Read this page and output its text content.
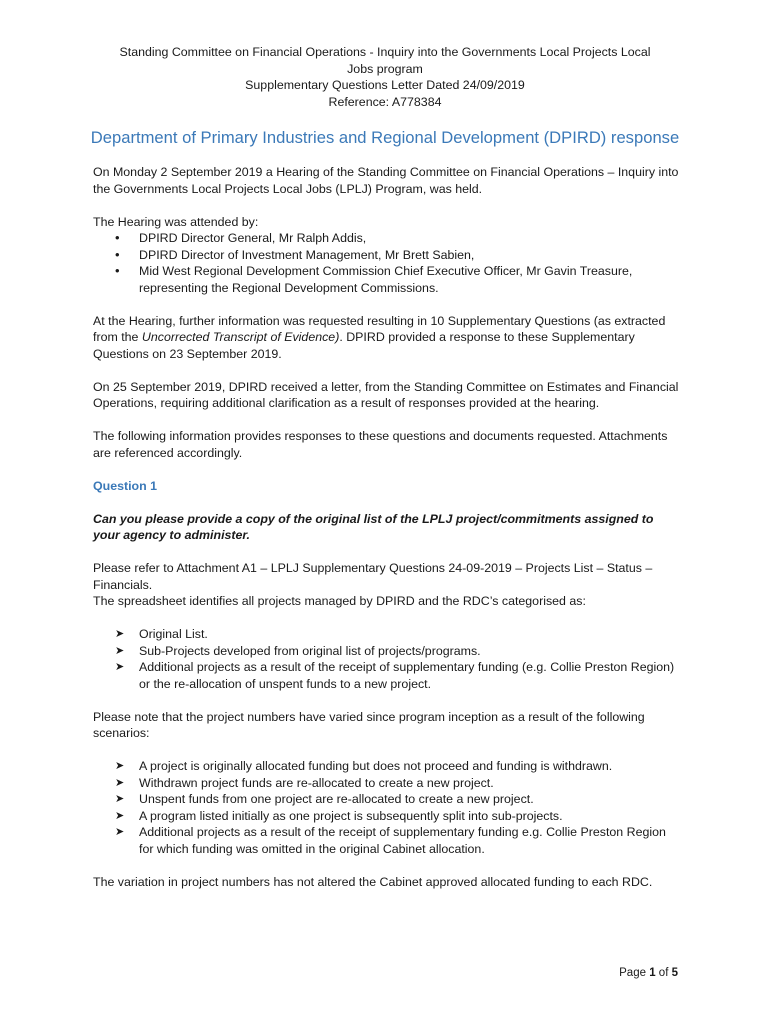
Standing Committee on Financial Operations - Inquiry into the Governments Local Projects Local
Jobs program
Supplementary Questions Letter Dated 24/09/2019
Reference: A778384
Department of Primary Industries and Regional Development (DPIRD) response

On Monday 2 September 2019 a Hearing of the Standing Committee on Financial Operations – Inquiry into the Governments Local Projects Local Jobs (LPLJ) Program, was held.

The Hearing was attended by:

•
DPIRD Director General, Mr Ralph Addis,
•
DPIRD Director of Investment Management, Mr Brett Sabien,
•
Mid West Regional Development Commission Chief Executive Officer, Mr Gavin Treasure, representing the Regional Development Commissions.

At the Hearing, further information was requested resulting in 10 Supplementary Questions (as extracted from the Uncorrected Transcript of Evidence). DPIRD provided a response to these Supplementary Questions on 23 September 2019.

On 25 September 2019, DPIRD received a letter, from the Standing Committee on Estimates and Financial Operations, requiring additional clarification as a result of responses provided at the hearing.

The following information provides responses to these questions and documents requested. Attachments are referenced accordingly.

Question 1

Can you please provide a copy of the original list of the LPLJ project/commitments assigned to your agency to administer.

Please refer to Attachment A1 – LPLJ Supplementary Questions 24-09-2019 – Projects List – Status – Financials.

The spreadsheet identifies all projects managed by DPIRD and the RDC’s categorised as:

➤	Original List.
➤	Sub-Projects developed from original list of projects/programs.
➤	Additional projects as a result of the receipt of supplementary funding (e.g. Collie Preston Region) or the re-allocation of unspent funds to a new project.

Please note that the project numbers have varied since program inception as a result of the following scenarios:

➤	A project is originally allocated funding but does not proceed and funding is withdrawn.
➤	Withdrawn project funds are re-allocated to create a new project.
➤	Unspent funds from one project are re-allocated to create a new project.
➤	A program listed initially as one project is subsequently split into sub-projects.
➤	Additional projects as a result of the receipt of supplementary funding e.g. Collie Preston Region for which funding was omitted in the original Cabinet allocation.

The variation in project numbers has not altered the Cabinet approved allocated funding to each RDC.

Page 1 of 5
